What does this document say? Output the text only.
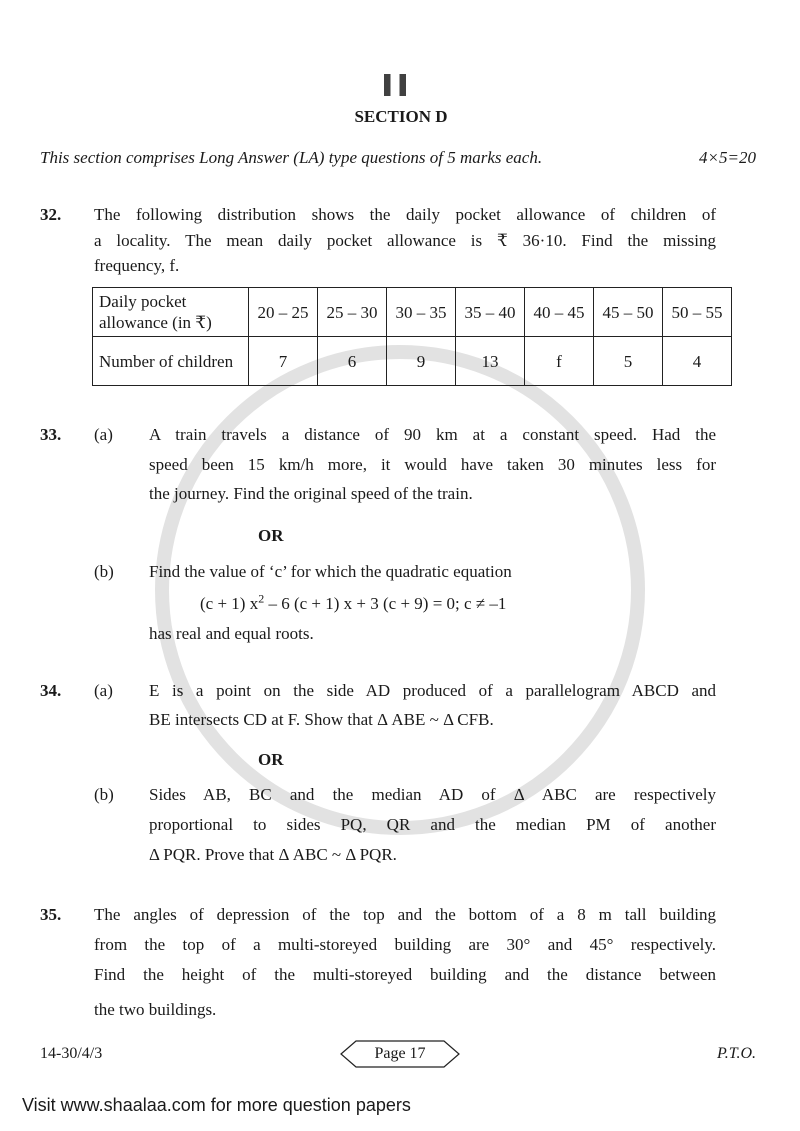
SECTION D
This section comprises Long Answer (LA) type questions of 5 marks each.	4×5=20
32. The following distribution shows the daily pocket allowance of children of
a locality. The mean daily pocket allowance is ₹ 36·10. Find the missing
frequency, f.
Daily pocket allowance (in ₹)	20 – 25	25 – 30	30 – 35	35 – 40	40 – 45	45 – 50	50 – 55
Number of children	7	6	9	13	f	5	4
33. (a) A train travels a distance of 90 km at a constant speed. Had the
speed been 15 km/h more, it would have taken 30 minutes less for
the journey. Find the original speed of the train.
OR
(b) Find the value of ‘c’ for which the quadratic equation
(c + 1) $x^2 - 6$ (c + 1) x + 3 (c + 9) = 0; c ≠ –1
has real and equal roots.
34. (a) E is a point on the side AD produced of a parallelogram ABCD and
BE intersects CD at F. Show that Δ ABE ~ Δ CFB.
OR
(b) Sides AB, BC and the median AD of Δ ABC are respectively
proportional to sides PQ, QR and the median PM of another
Δ PQR. Prove that Δ ABC ~ Δ PQR.
35. The angles of depression of the top and the bottom of a 8 m tall building
from the top of a multi-storeyed building are 30° and 45° respectively.
Find the height of the multi-storeyed building and the distance between
the two buildings.
14-30/4/3	Page 17	P.T.O.
Visit www.shaalaa.com for more question papers
